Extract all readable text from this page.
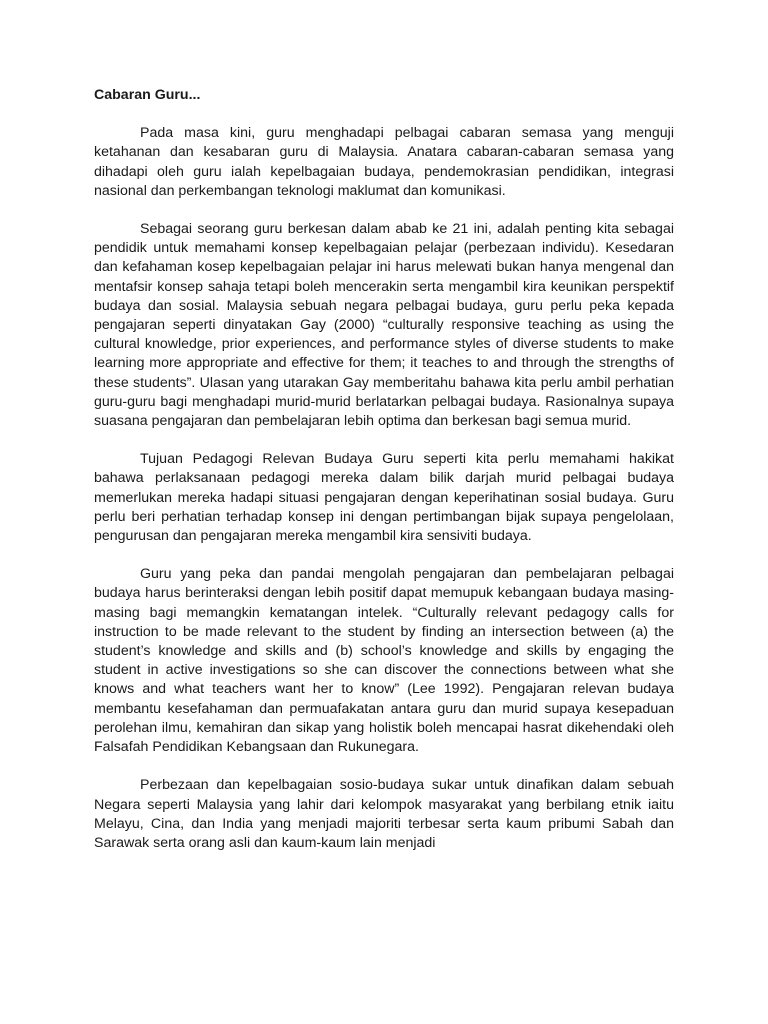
Cabaran Guru...

Pada masa kini, guru menghadapi pelbagai cabaran semasa yang menguji ketahanan dan kesabaran guru di Malaysia. Anatara cabaran-cabaran semasa yang dihadapi oleh guru ialah kepelbagaian budaya, pendemokrasian pendidikan, integrasi nasional dan perkembangan teknologi maklumat dan komunikasi.

Sebagai seorang guru berkesan dalam abab ke 21 ini, adalah penting kita sebagai pendidik untuk memahami konsep kepelbagaian pelajar (perbezaan individu). Kesedaran dan kefahaman kosep kepelbagaian pelajar ini harus melewati bukan hanya mengenal dan mentafsir konsep sahaja tetapi boleh mencerakin serta mengambil kira keunikan perspektif budaya dan sosial. Malaysia sebuah negara pelbagai budaya, guru perlu peka kepada pengajaran seperti dinyatakan Gay (2000) “culturally responsive teaching as using the cultural knowledge, prior experiences, and performance styles of diverse students to make learning more appropriate and effective for them; it teaches to and through the strengths of these students”. Ulasan yang utarakan Gay memberitahu bahawa kita perlu ambil perhatian guru-guru bagi menghadapi murid-murid berlatarkan pelbagai budaya. Rasionalnya supaya suasana pengajaran dan pembelajaran lebih optima dan berkesan bagi semua murid.

Tujuan Pedagogi Relevan Budaya Guru seperti kita perlu memahami hakikat bahawa perlaksanaan pedagogi mereka dalam bilik darjah murid pelbagai budaya memerlukan mereka hadapi situasi pengajaran dengan keperihatinan sosial budaya. Guru perlu beri perhatian terhadap konsep ini dengan pertimbangan bijak supaya pengelolaan, pengurusan dan pengajaran mereka mengambil kira sensiviti budaya.

Guru yang peka dan pandai mengolah pengajaran dan pembelajaran pelbagai budaya harus berinteraksi dengan lebih positif dapat memupuk kebangaan budaya masing-masing bagi memangkin kematangan intelek. “Culturally relevant pedagogy calls for instruction to be made relevant to the student by finding an intersection between (a) the student’s knowledge and skills and (b) school’s knowledge and skills by engaging the student in active investigations so she can discover the connections between what she knows and what teachers want her to know” (Lee 1992). Pengajaran relevan budaya membantu kesefahaman dan permuafakatan antara guru dan murid supaya kesepaduan perolehan ilmu, kemahiran dan sikap yang holistik boleh mencapai hasrat dikehendaki oleh Falsafah Pendidikan Kebangsaan dan Rukunegara.

Perbezaan dan kepelbagaian sosio-budaya sukar untuk dinafikan dalam sebuah Negara seperti Malaysia yang lahir dari kelompok masyarakat yang berbilang etnik iaitu Melayu, Cina, dan India yang menjadi majoriti terbesar serta kaum pribumi Sabah dan Sarawak serta orang asli dan kaum-kaum lain menjadi
